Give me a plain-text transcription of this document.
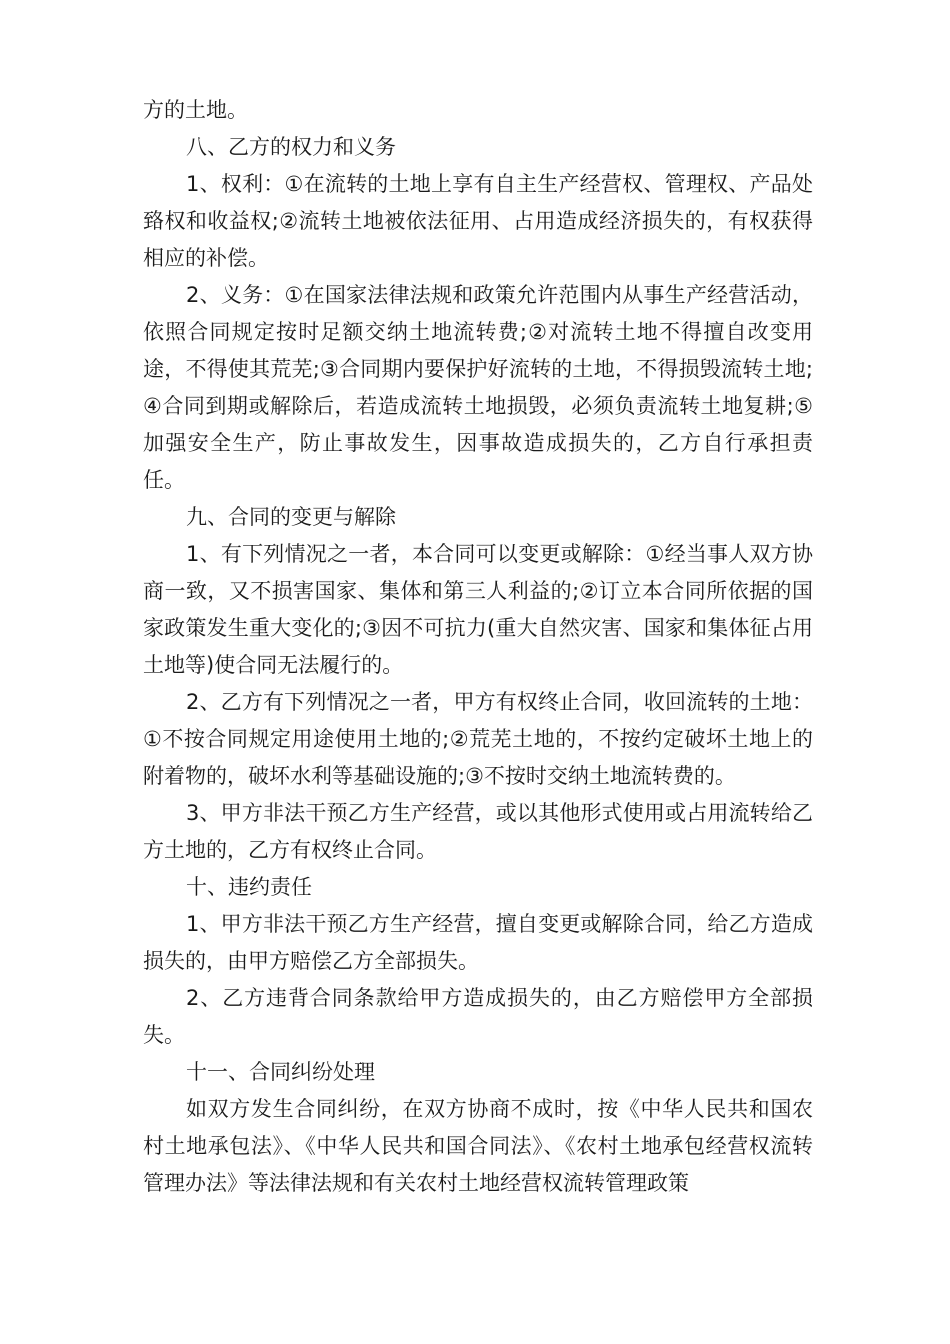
方的土地。

八、乙方的权力和义务

1、权利：①在流转的土地上享有自主生产经营权、管理权、产品处臵权和收益权;②流转土地被依法征用、占用造成经济损失的，有权获得相应的补偿。

2、义务：①在国家法律法规和政策允许范围内从事生产经营活动，依照合同规定按时足额交纳土地流转费;②对流转土地不得擅自改变用途，不得使其荒芜;③合同期内要保护好流转的土地，不得损毁流转土地;④合同到期或解除后，若造成流转土地损毁，必须负责流转土地复耕;⑤加强安全生产，防止事故发生，因事故造成损失的，乙方自行承担责任。

九、合同的变更与解除

1、有下列情况之一者，本合同可以变更或解除：①经当事人双方协商一致，又不损害国家、集体和第三人利益的;②订立本合同所依据的国家政策发生重大变化的;③因不可抗力(重大自然灾害、国家和集体征占用土地等)使合同无法履行的。

2、乙方有下列情况之一者，甲方有权终止合同，收回流转的土地：①不按合同规定用途使用土地的;②荒芜土地的，不按约定破坏土地上的附着物的，破坏水利等基础设施的;③不按时交纳土地流转费的。

3、甲方非法干预乙方生产经营，或以其他形式使用或占用流转给乙方土地的，乙方有权终止合同。

十、违约责任

1、甲方非法干预乙方生产经营，擅自变更或解除合同，给乙方造成损失的，由甲方赔偿乙方全部损失。

2、乙方违背合同条款给甲方造成损失的，由乙方赔偿甲方全部损失。

十一、合同纠纷处理

如双方发生合同纠纷，在双方协商不成时，按《中华人民共和国农村土地承包法》、《中华人民共和国合同法》、《农村土地承包经营权流转管理办法》等法律法规和有关农村土地经营权流转管理政策
